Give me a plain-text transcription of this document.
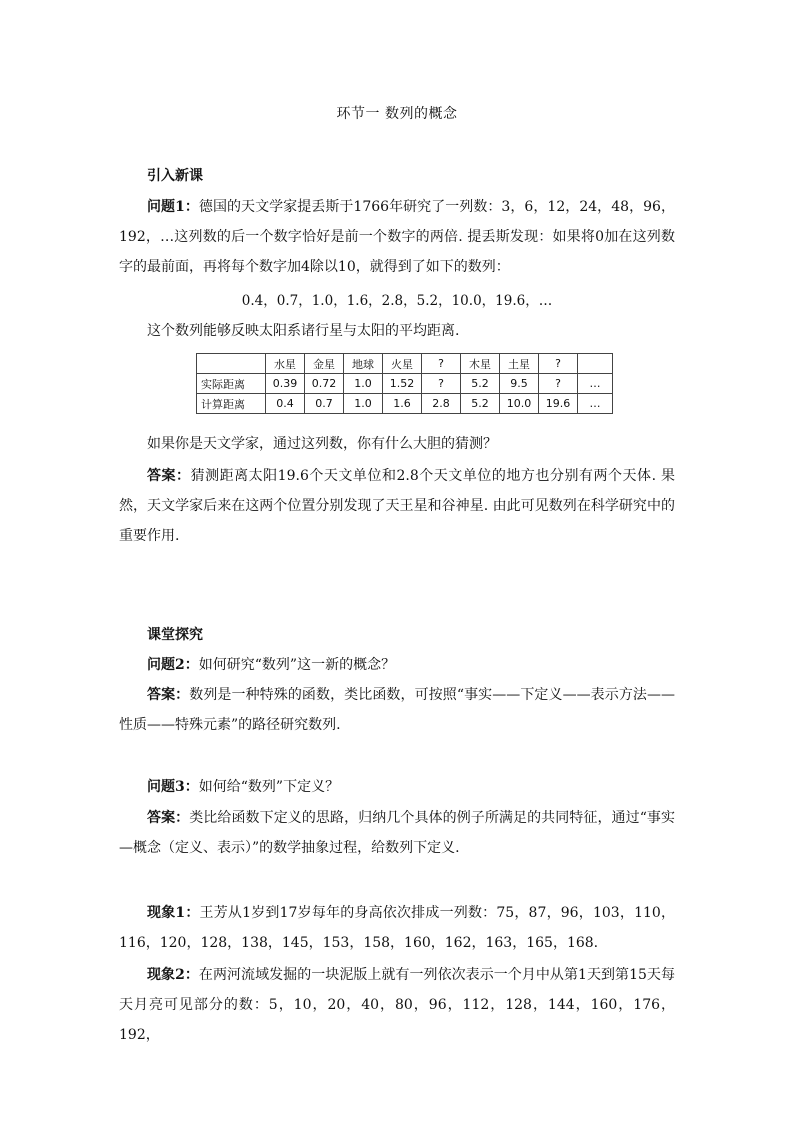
环节一 数列的概念
引入新课
问题1：德国的天文学家提丢斯于1766年研究了一列数：3，6，12，24，48，96，192，…这列数的后一个数字恰好是前一个数字的两倍. 提丢斯发现：如果将0加在这列数字的最前面，再将每个数字加4除以10，就得到了如下的数列：
0.4，0.7，1.0，1.6，2.8，5.2，10.0，19.6，…
这个数列能够反映太阳系诸行星与太阳的平均距离.
	水星	金星	地球	火星	?	木星	土星	?	
实际距离	0.39	0.72	1.0	1.52	?	5.2	9.5	?	…
计算距离	0.4	0.7	1.0	1.6	2.8	5.2	10.0	19.6	…
如果你是天文学家，通过这列数，你有什么大胆的猜测？
答案：猜测距离太阳19.6个天文单位和2.8个天文单位的地方也分别有两个天体. 果然，天文学家后来在这两个位置分别发现了天王星和谷神星. 由此可见数列在科学研究中的重要作用.
课堂探究
问题2：如何研究“数列”这一新的概念？
答案：数列是一种特殊的函数，类比函数，可按照“事实——下定义——表示方法——性质——特殊元素”的路径研究数列.
问题3：如何给“数列”下定义？
答案：类比给函数下定义的思路，归纳几个具体的例子所满足的共同特征，通过“事实—概念（定义、表示）”的数学抽象过程，给数列下定义.
现象1：王芳从1岁到17岁每年的身高依次排成一列数：75，87，96，103，110，116，120，128，138，145，153，158，160，162，163，165，168.
现象2：在两河流域发掘的一块泥版上就有一列依次表示一个月中从第1天到第15天每天月亮可见部分的数：5，10，20，40，80，96，112，128，144，160，176，192，
